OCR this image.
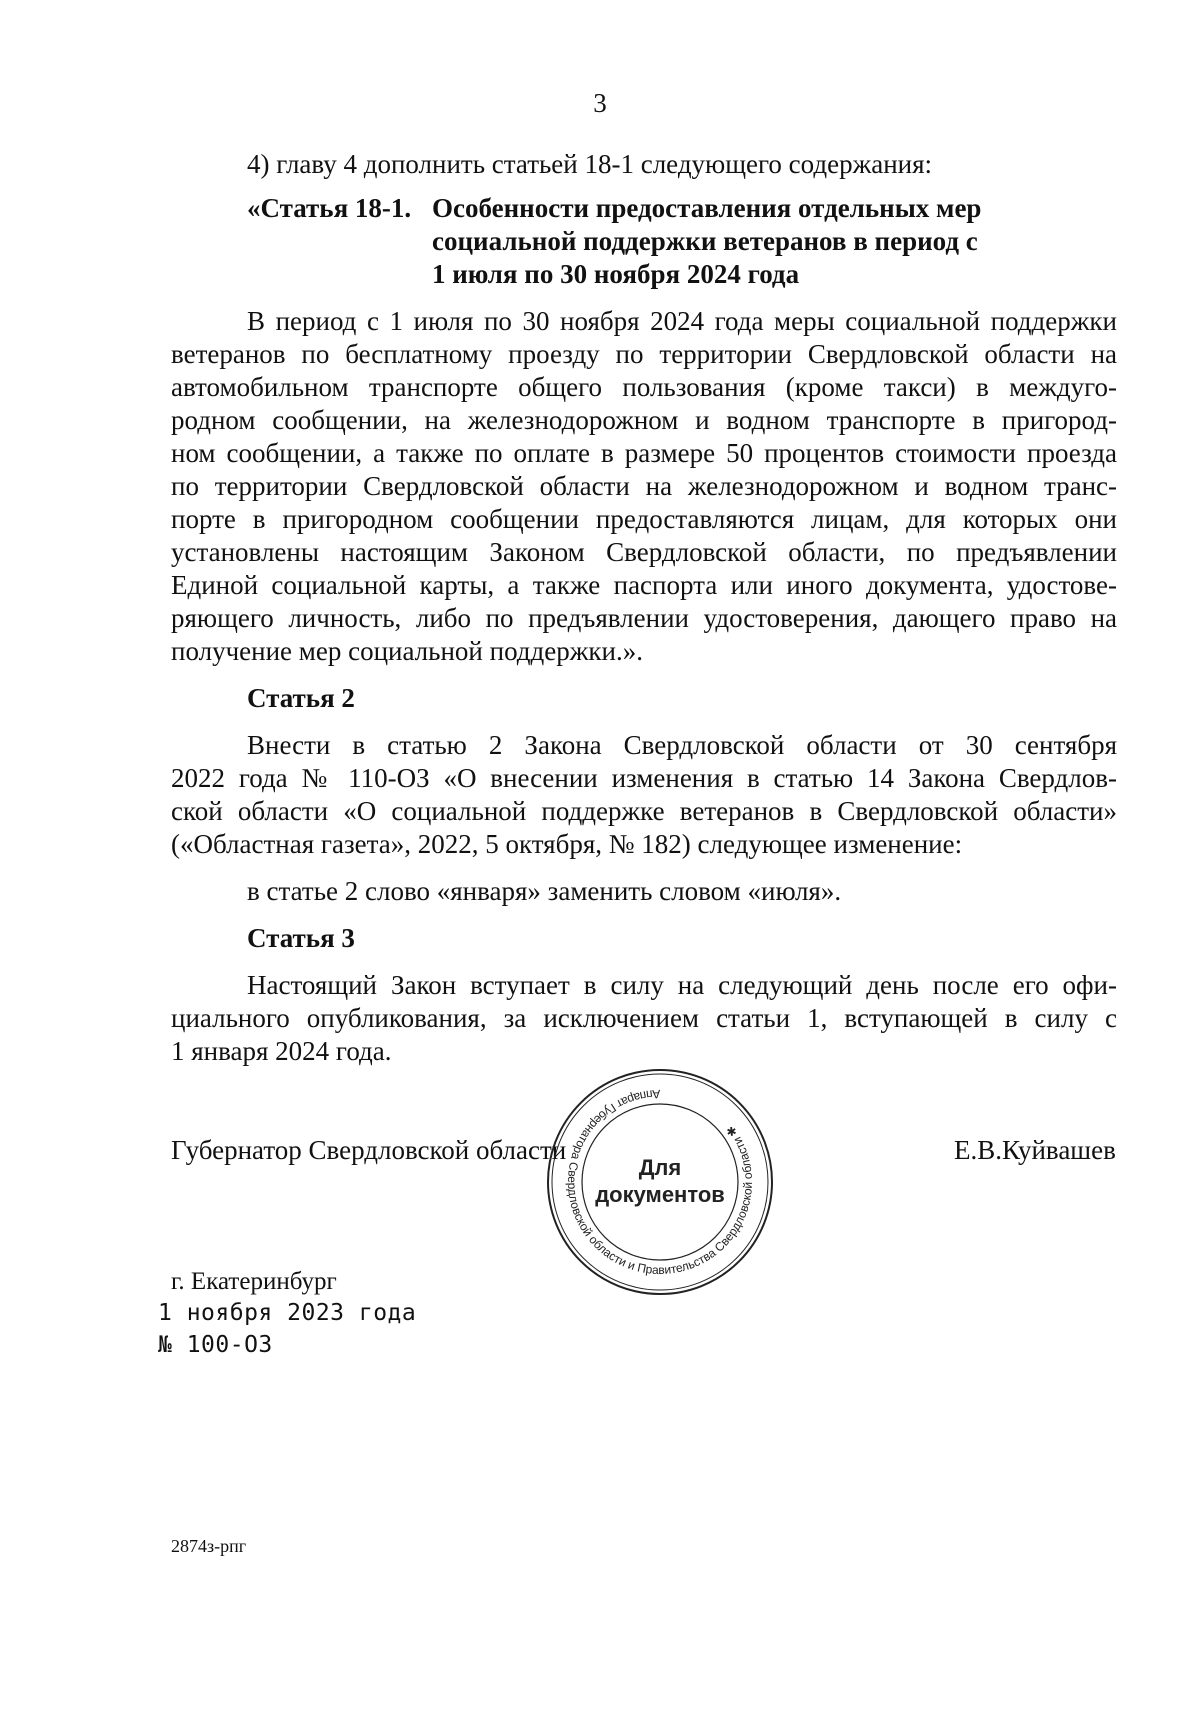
3
4) главу 4 дополнить статьей 18-1 следующего содержания:
«Статья 18-1. Особенности предоставления отдельных мер
социальной поддержки ветеранов в период с
1 июля по 30 ноября 2024 года
В период с 1 июля по 30 ноября 2024 года меры социальной поддержки
ветеранов по бесплатному проезду по территории Свердловской области на
автомобильном транспорте общего пользования (кроме такси) в междуго-
родном сообщении, на железнодорожном и водном транспорте в пригород-
ном сообщении, а также по оплате в размере 50 процентов стоимости проезда
по территории Свердловской области на железнодорожном и водном транс-
порте в пригородном сообщении предоставляются лицам, для которых они
установлены настоящим Законом Свердловской области, по предъявлении
Единой социальной карты, а также паспорта или иного документа, удостове-
ряющего личность, либо по предъявлении удостоверения, дающего право на
получение мер социальной поддержки.».
Статья 2
Внести в статью 2 Закона Свердловской области от 30 сентября
2022 года № 110-ОЗ «О внесении изменения в статью 14 Закона Свердлов-
ской области «О социальной поддержке ветеранов в Свердловской области»
(«Областная газета», 2022, 5 октября, № 182) следующее изменение:
в статье 2 слово «января» заменить словом «июля».
Статья 3
Настоящий Закон вступает в силу на следующий день после его офи-
циального опубликования, за исключением статьи 1, вступающей в силу с
1 января 2024 года.
Губернатор Свердловской области	Е.В.Куйвашев
Аппарат Губернатора Свердловской области и Правительства Свердловской области ✱
Для
документов
г. Екатеринбург
1 ноября 2023 года
№ 100-ОЗ
2874з-рпг
